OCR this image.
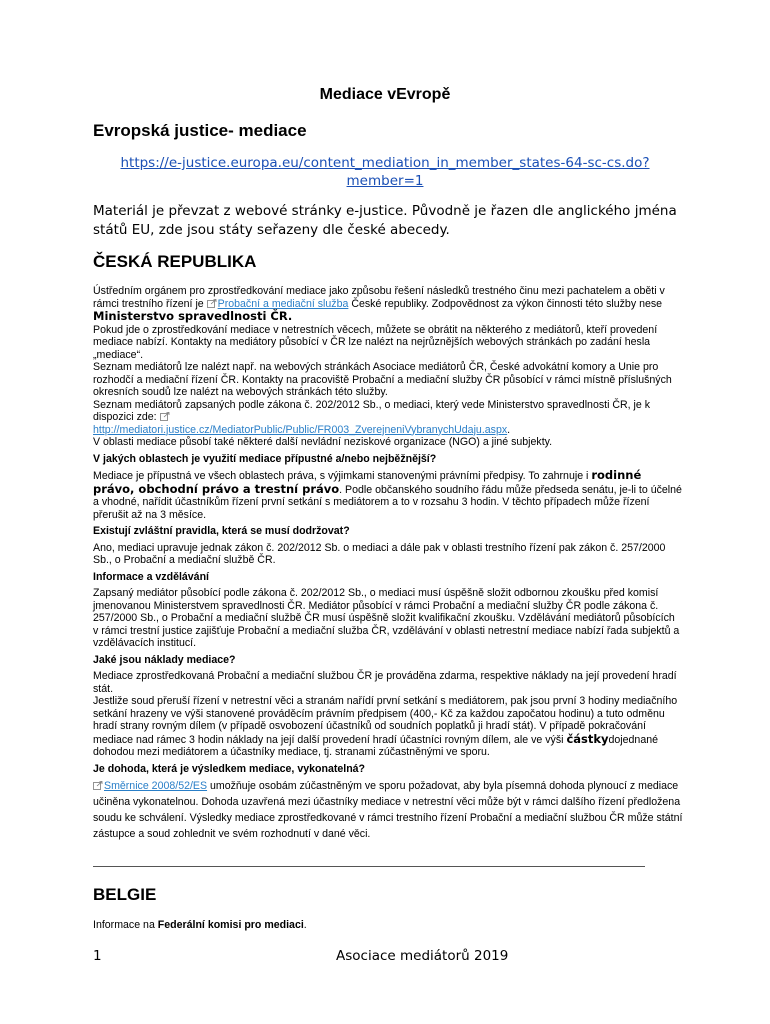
Mediace vEvropě
Evropská justice- mediace
https://e-justice.europa.eu/content_mediation_in_member_states-64-sc-cs.do?
member=1
Materiál je převzat z webové stránky e-justice. Původně je řazen dle anglického jména států EU, zde jsou státy seřazeny dle české abecedy.
ČESKÁ REPUBLIKA

Ústředním orgánem pro zprostředkování mediace jako způsobu řešení následků trestného činu mezi pachatelem a oběti v rámci trestního řízení je Probační a mediační služba České republiky. Zodpovědnost za výkon činnosti této služby nese Ministerstvo spravedlnosti ČR.

Pokud jde o zprostředkování mediace v netrestních věcech, můžete se obrátit na některého z mediátorů, kteří provedení mediace nabízí. Kontakty na mediátory působící v ČR lze nalézt na nejrůznějších webových stránkách po zadání hesla „mediace“.

Seznam mediátorů lze nalézt např. na webových stránkách Asociace mediátorů ČR, České advokátní komory a Unie pro rozhodčí a mediační řízení ČR. Kontakty na pracoviště Probační a mediační služby ČR působící v rámci místně příslušných okresních soudů lze nalézt na webových stránkách této služby.

Seznam mediátorů zapsaných podle zákona č. 202/2012 Sb., o mediaci, který vede Ministerstvo spravedlnosti ČR, je k dispozici zde:
http://mediatori.justice.cz/MediatorPublic/Public/FR003_ZverejneniVybranychUdaju.aspx.

V oblasti mediace působí také některé další nevládní neziskové organizace (NGO) a jiné subjekty.

V jakých oblastech je využití mediace přípustné a/nebo nejběžnější?

Mediace je přípustná ve všech oblastech práva, s výjimkami stanovenými právními předpisy. To zahrnuje i rodinné právo, obchodní právo a trestní právo. Podle občanského soudního řádu může předseda senátu, je-li to účelné a vhodné, nařídit účastníkům řízení první setkání s mediátorem a to v rozsahu 3 hodin. V těchto případech může řízení přerušit až na 3 měsíce.

Existují zvláštní pravidla, která se musí dodržovat?

Ano, mediaci upravuje jednak zákon č. 202/2012 Sb. o mediaci a dále pak v oblasti trestního řízení pak zákon č. 257/2000 Sb., o Probační a mediační službě ČR.

Informace a vzdělávání

Zapsaný mediátor působící podle zákona č. 202/2012 Sb., o mediaci musí úspěšně složit odbornou zkoušku před komisí jmenovanou Ministerstvem spravedlnosti ČR. Mediátor působící v rámci Probační a mediační služby ČR podle zákona č. 257/2000 Sb., o Probační a mediační službě ČR musí úspěšně složit kvalifikační zkoušku. Vzdělávání mediátorů působících v rámci trestní justice zajišťuje Probační a mediační služba ČR, vzdělávání v oblasti netrestní mediace nabízí řada subjektů a vzdělávacích institucí.

Jaké jsou náklady mediace?

Mediace zprostředkovaná Probační a mediační službou ČR je prováděna zdarma, respektive náklady na její provedení hradí stát.

Jestliže soud přeruší řízení v netrestní věci a stranám nařídí první setkání s mediátorem, pak jsou první 3 hodiny mediačního setkání hrazeny ve výši stanovené prováděcím právním předpisem (400,- Kč za každou započatou hodinu) a tuto odměnu hradí strany rovným dílem (v případě osvobození účastníků od soudních poplatků ji hradí stát). V případě pokračování mediace nad rámec 3 hodin náklady na její další provedení hradí účastníci rovným dílem, ale ve výši částkydojednané dohodou mezi mediátorem a účastníky mediace, tj. stranami zúčastněnými ve sporu.

Je dohoda, která je výsledkem mediace, vykonatelná?

Směrnice 2008/52/ES umožňuje osobám zúčastněným ve sporu požadovat, aby byla písemná dohoda plynoucí z mediace učiněna vykonatelnou. Dohoda uzavřená mezi účastníky mediace v netrestní věci může být v rámci dalšího řízení předložena soudu ke schválení. Výsledky mediace zprostředkované v rámci trestního řízení Probační a mediační službou ČR může státní zástupce a soud zohlednit ve svém rozhodnutí v dané věci.

BELGIE
Informace na Federální komisi pro mediaci.
1	Asociace mediátorů 2019
